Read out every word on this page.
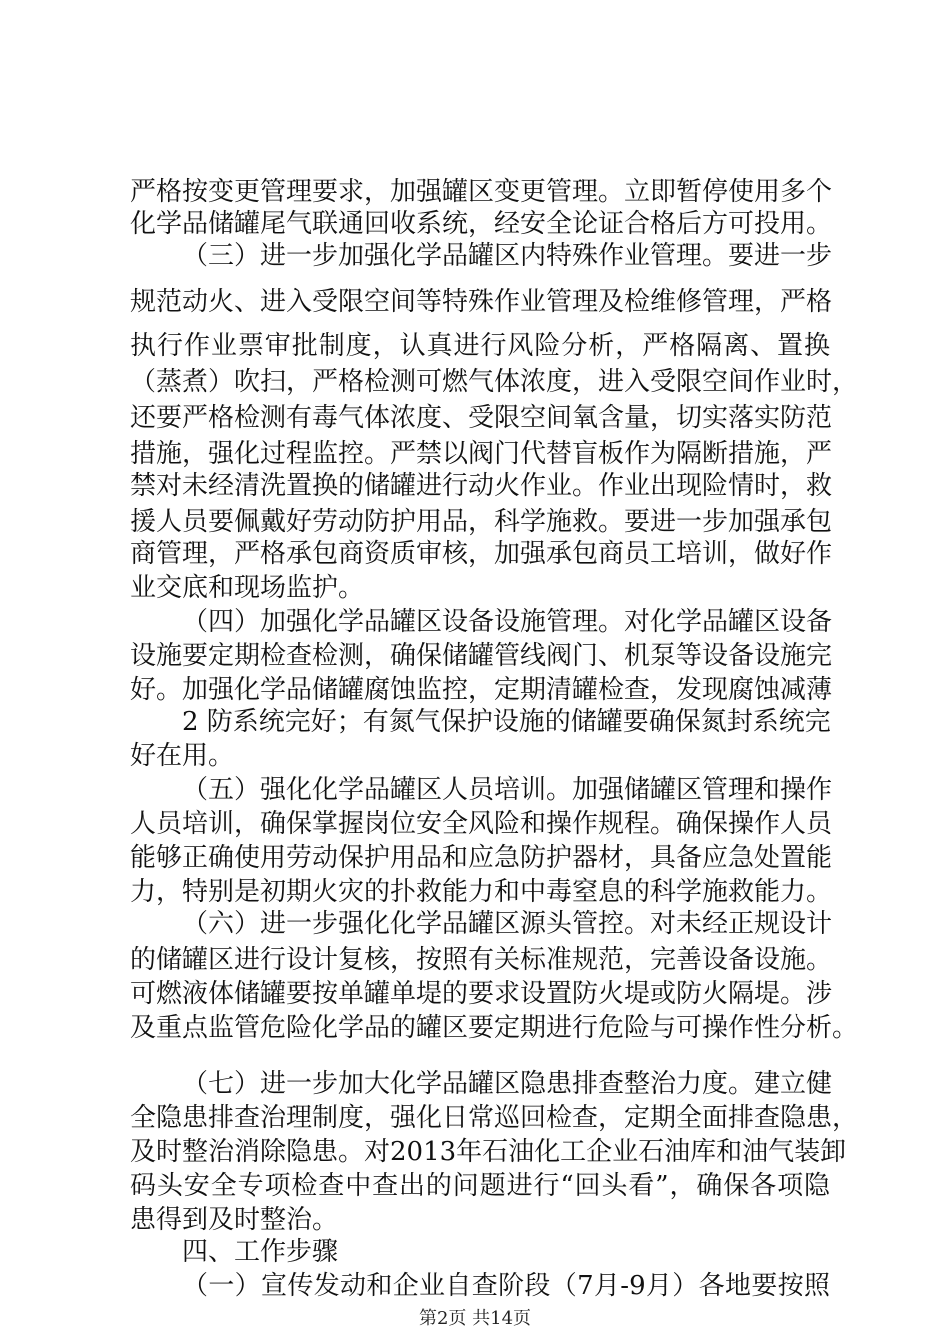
严格按变更管理要求，加强罐区变更管理。立即暂停使用多个
化学品储罐尾气联通回收系统，经安全论证合格后方可投用。
（三）进一步加强化学品罐区内特殊作业管理。要进一步
规范动火、进入受限空间等特殊作业管理及检维修管理，严格
执行作业票审批制度，认真进行风险分析，严格隔离、置换
（蒸煮）吹扫，严格检测可燃气体浓度，进入受限空间作业时，
还要严格检测有毒气体浓度、受限空间氧含量，切实落实防范
措施，强化过程监控。严禁以阀门代替盲板作为隔断措施，严
禁对未经清洗置换的储罐进行动火作业。作业出现险情时，救
援人员要佩戴好劳动防护用品，科学施救。要进一步加强承包
商管理，严格承包商资质审核，加强承包商员工培训，做好作
业交底和现场监护。
（四）加强化学品罐区设备设施管理。对化学品罐区设备
设施要定期检查检测，确保储罐管线阀门、机泵等设备设施完
好。加强化学品储罐腐蚀监控，定期清罐检查，发现腐蚀减薄
2 防系统完好；有氮气保护设施的储罐要确保氮封系统完
好在用。
（五）强化化学品罐区人员培训。加强储罐区管理和操作
人员培训，确保掌握岗位安全风险和操作规程。确保操作人员
能够正确使用劳动保护用品和应急防护器材，具备应急处置能
力，特别是初期火灾的扑救能力和中毒窒息的科学施救能力。
（六）进一步强化化学品罐区源头管控。对未经正规设计
的储罐区进行设计复核，按照有关标准规范，完善设备设施。
可燃液体储罐要按单罐单堤的要求设置防火堤或防火隔堤。涉
及重点监管危险化学品的罐区要定期进行危险与可操作性分析。
（七）进一步加大化学品罐区隐患排查整治力度。建立健
全隐患排查治理制度，强化日常巡回检查，定期全面排查隐患，
及时整治消除隐患。对2013年石油化工企业石油库和油气装卸
码头安全专项检查中查出的问题进行“回头看”，确保各项隐
患得到及时整治。
四、工作步骤
（一）宣传发动和企业自查阶段（7月-9月）各地要按照
第2页 共14页
